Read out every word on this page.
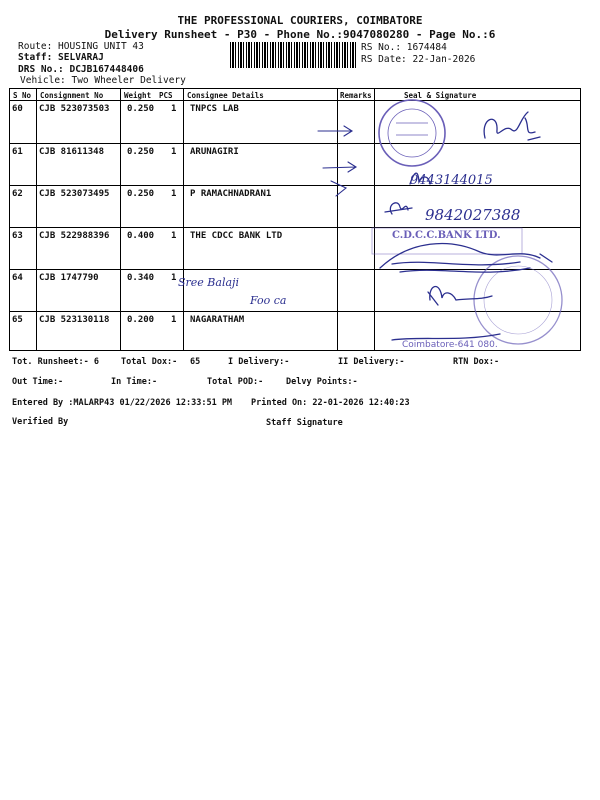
THE PROFESSIONAL COURIERS, COIMBATORE
Delivery Runsheet - P30 - Phone No.:9047080280 - Page No.:6
Route: HOUSING UNIT 43
Staff: SELVARAJ
DRS No.: DCJB167448406
Vehicle: Two Wheeler Delivery
RS No.: 1674484
RS Date: 22-Jan-2026
S No Consignment No	Weight PCS Consignee Details	Remarks	Seal & Signature
60 CJB 523073503 0.250 1 TNPCS LAB
61 CJB 81611348	0.250 1 ARUNAGIRI
62 CJB 523073495 0.250 1 P RAMACHNADRAN1
63 CJB 522988396 0.400 1 THE CDCC BANK LTD
64 CJB 1747790	0.340 1
65 CJB 523130118 0.200 1 NAGARATHAM
9443144015
9842027388
Sree Balaji
Foo ca
C.D.C.C.BANK LTD.
Coimbatore-641 080.
Tot. Runsheet:- 6	Total Dox:- 65	I Delivery:-	II Delivery:-	RTN Dox:-
Out Time:-	In Time:-	Total POD:-	Delvy Points:-
Entered By :MALARP43 01/22/2026 12:33:51 PM Printed On: 22-01-2026 12:40:23
Verified By	Staff Signature
